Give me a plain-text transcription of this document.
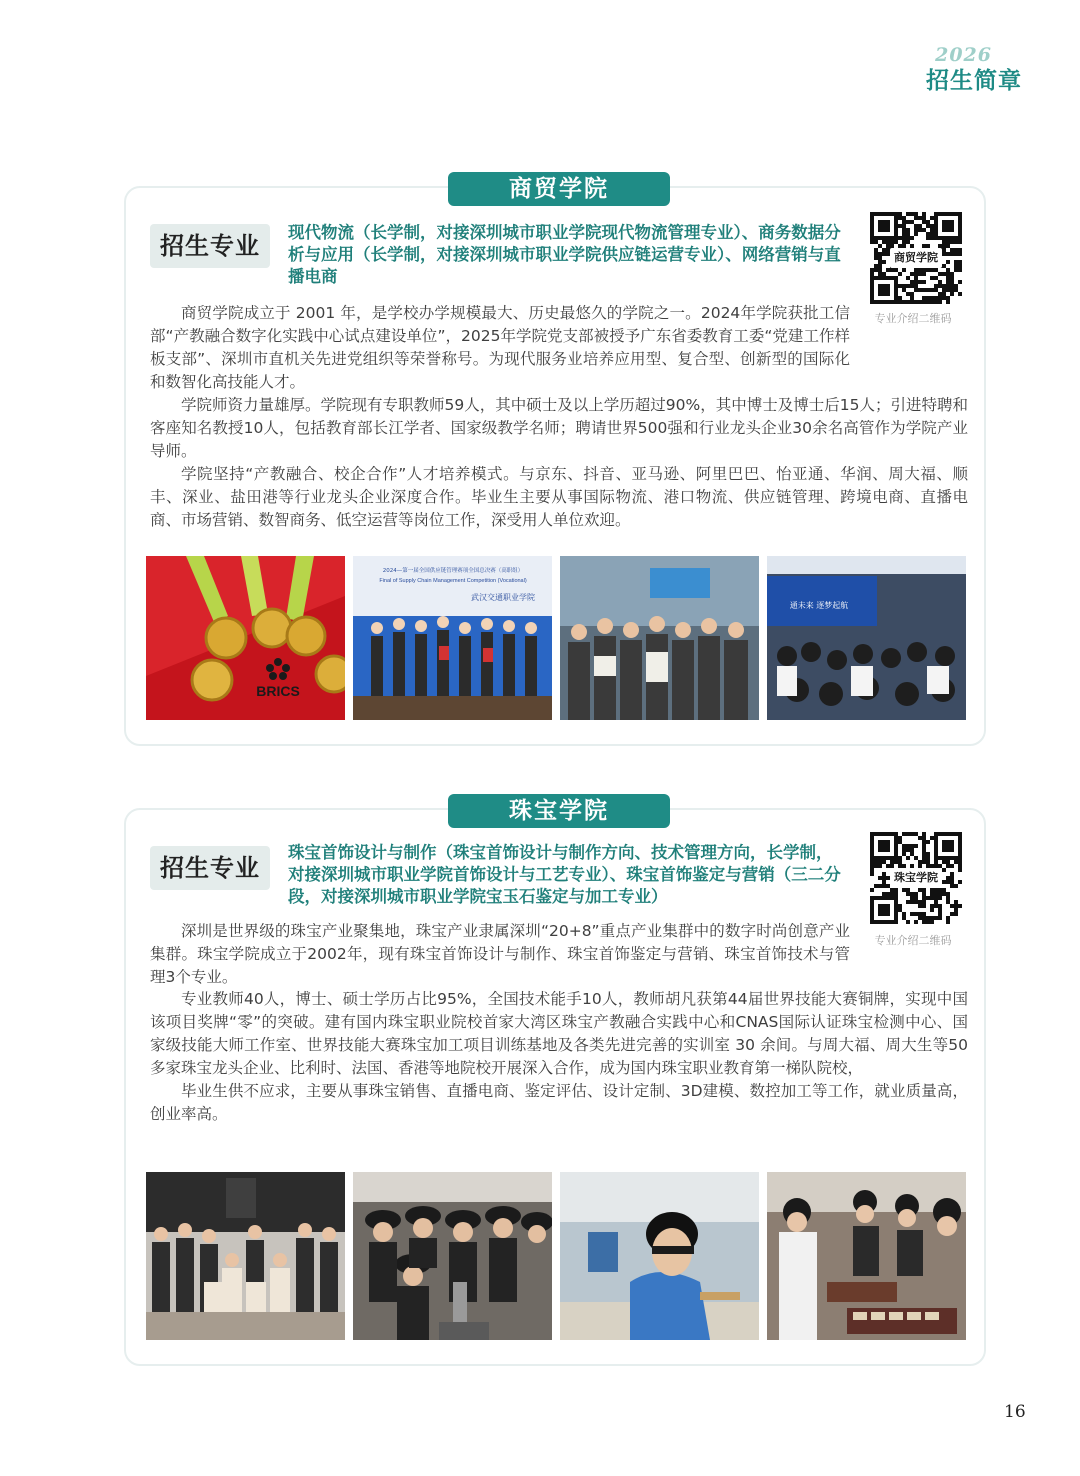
2026
招生简章
商贸学院
招生专业	现代物流（长学制，对接深圳城市职业学院现代物流管理专业）、商务数据分析与应用（长学制，对接深圳城市职业学院供应链运营专业）、网络营销与直播电商
商贸学院
专业介绍二维码

商贸学院成立于 2001 年，是学校办学规模最大、历史最悠久的学院之一。2024年学院获批工信部“产教融合数字化实践中心试点建设单位”，2025年学院党支部被授予广东省委教育工委“党建工作样板支部”、深圳市直机关先进党组织等荣誉称号。为现代服务业培养应用型、复合型、创新型的国际化和数智化高技能人才。

学院师资力量雄厚。学院现有专职教师59人，其中硕士及以上学历超过90%，其中博士及博士后15人；引进特聘和客座知名教授10人，包括教育部长江学者、国家级教学名师；聘请世界500强和行业龙头企业30余名高管作为学院产业导师。

学院坚持“产教融合、校企合作”人才培养模式。与京东、抖音、亚马逊、阿里巴巴、怡亚通、华润、周大福、顺丰、深业、盐田港等行业龙头企业深度合作。毕业生主要从事国际物流、港口物流、供应链管理、跨境电商、直播电商、市场营销、数智商务、低空运营等岗位工作，深受用人单位欢迎。

BRICS
2024—第一届全国供应链管理赛项全国总决赛（高职组）
Final of Supply Chain Management Competition (Vocational)
武汉交通职业学院
通未来 逐梦起航
珠宝学院
招生专业
珠宝首饰设计与制作（珠宝首饰设计与制作方向、技术管理方向，长学制，对接深圳城市职业学院首饰设计与工艺专业）、珠宝首饰鉴定与营销（三二分段，对接深圳城市职业学院宝玉石鉴定与加工专业）
珠宝学院
专业介绍二维码

深圳是世界级的珠宝产业聚集地，珠宝产业隶属深圳“20+8”重点产业集群中的数字时尚创意产业集群。珠宝学院成立于2002年，现有珠宝首饰设计与制作、珠宝首饰鉴定与营销、珠宝首饰技术与管理3个专业。

专业教师40人，博士、硕士学历占比95%，全国技术能手10人，教师胡凡获第44届世界技能大赛铜牌，实现中国该项目奖牌“零”的突破。建有国内珠宝职业院校首家大湾区珠宝产教融合实践中心和CNAS国际认证珠宝检测中心、国家级技能大师工作室、世界技能大赛珠宝加工项目训练基地及各类先进完善的实训室 30 余间。与周大福、周大生等50多家珠宝龙头企业、比利时、法国、香港等地院校开展深入合作，成为国内珠宝职业教育第一梯队院校，

毕业生供不应求，主要从事珠宝销售、直播电商、鉴定评估、设计定制、3D建模、数控加工等工作，就业质量高，创业率高。

16
